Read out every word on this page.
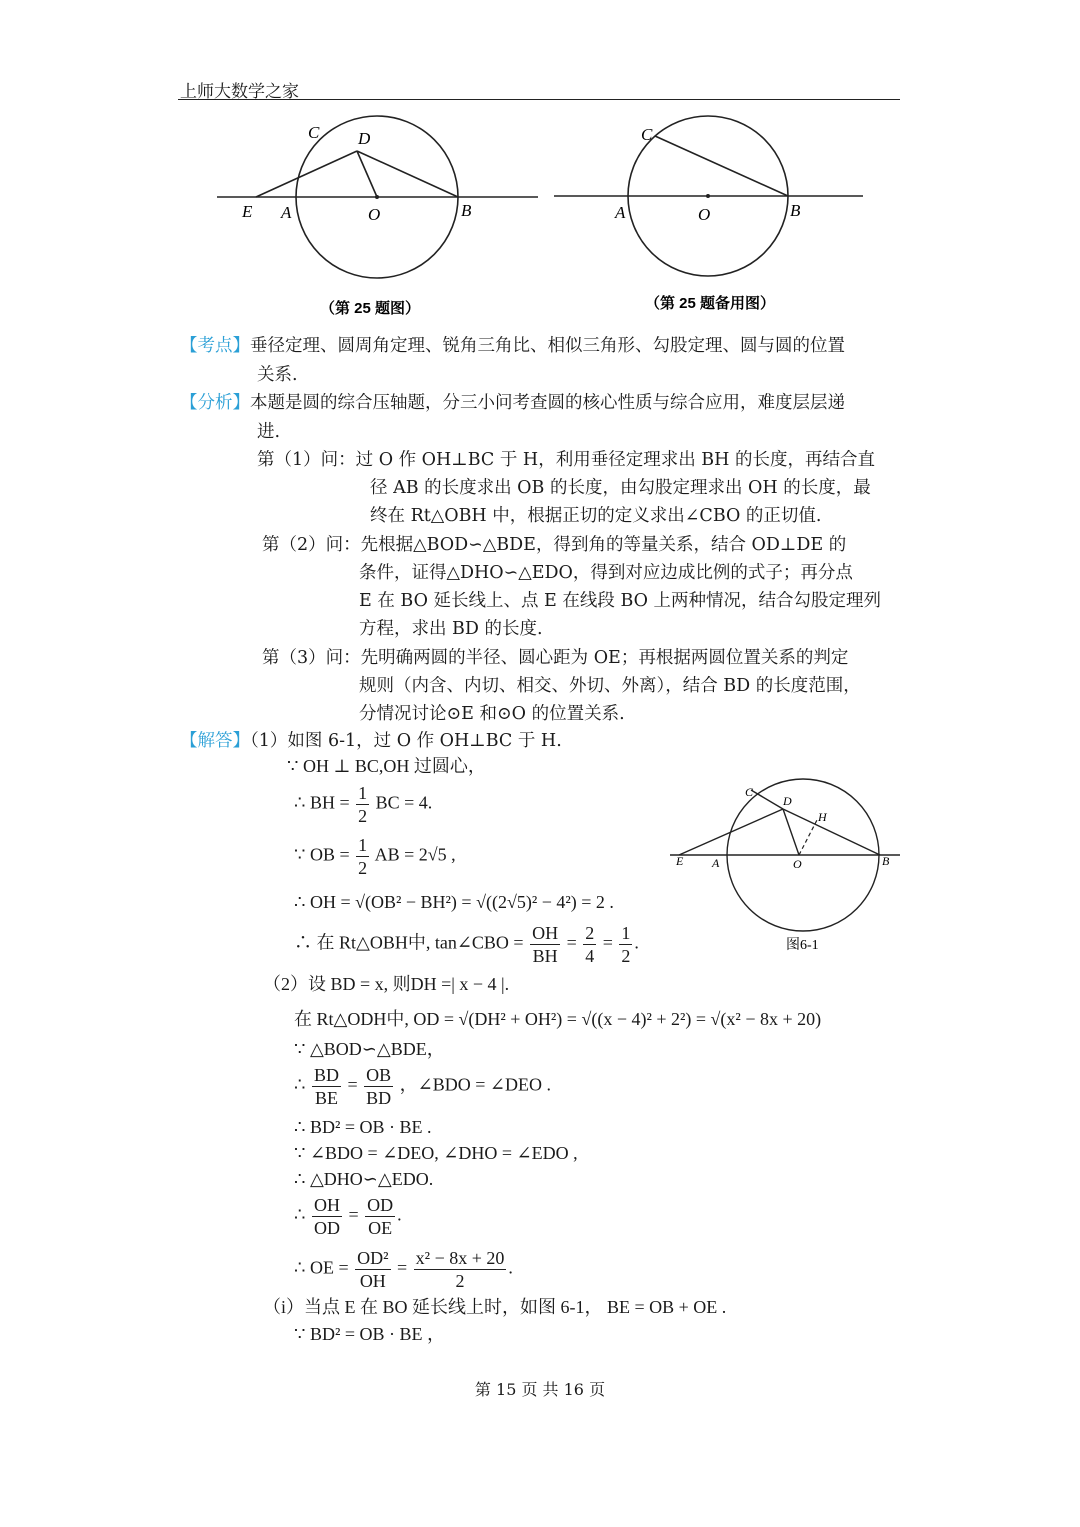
上师大数学之家
C D
E A	O	B
（第 25 题图）
C
A	O	B
（第 25 题备用图）
【考点】垂径定理、圆周角定理、锐角三角比、相似三角形、勾股定理、圆与圆的位置
关系.
【分析】本题是圆的综合压轴题，分三小问考查圆的核心性质与综合应用，难度层层递
进.
第（1）问：过 O 作 OH⊥BC 于 H，利用垂径定理求出 BH 的长度，再结合直
径 AB 的长度求出 OB 的长度，由勾股定理求出 OH 的长度，最
终在 Rt△OBH 中，根据正切的定义求出∠CBO 的正切值.
第（2）问：先根据△BOD∽△BDE，得到角的等量关系，结合 OD⊥DE 的
条件，证得△DHO∽△EDO，得到对应边成比例的式子；再分点
E 在 BO 延长线上、点 E 在线段 BO 上两种情况，结合勾股定理列
方程，求出 BD 的长度.
第（3）问：先明确两圆的半径、圆心距为 OE；再根据两圆位置关系的判定
规则（内含、内切、相交、外切、外离），结合 BD 的长度范围，
分情况讨论⊙E 和⊙O 的位置关系.
【解答】（1）如图 6-1，过 O 作 OH⊥BC 于 H.
∵ OH ⊥ BC,OH 过圆心，
∴ BH = $\frac{1}{2}$ BC = 4.
∵ OB = $\frac{1}{2}$ AB = 2√5 ,
∴ OH = √(OB² − BH²) = √((2√5)² − 4²) = 2 .
∴ 在 Rt△OBH中, tan∠CBO = $\frac{OH}{BH} = \frac{2}{4} = \frac{1}{2}$ .
C
D
H
E A	O	B
图6-1
（2）设 BD = x, 则DH =| x − 4 |.
在 Rt△ODH中, OD = √(DH² + OH²) = √((x − 4)² + 2²) = √(x² − 8x + 20)
∵ △BOD∽△BDE，
∴ $\frac{BD}{BE} = \frac{OB}{BD}$ ，∠BDO = ∠DEO .
∴ BD² = OB · BE .
∵ ∠BDO = ∠DEO, ∠DHO = ∠EDO ,
∴ △DHO∽△EDO.
∴ $\frac{OH}{OD} = \frac{OD}{OE}$ .
∴ OE = $\frac{\text{OD²}}{OH} = \frac{\text{x² − 8x + 20}}{2}$ .
（i）当点 E 在 BO 延长线上时，如图 6-1， BE = OB + OE .
∵ BD² = OB · BE ，
第 15 页 共 16 页
